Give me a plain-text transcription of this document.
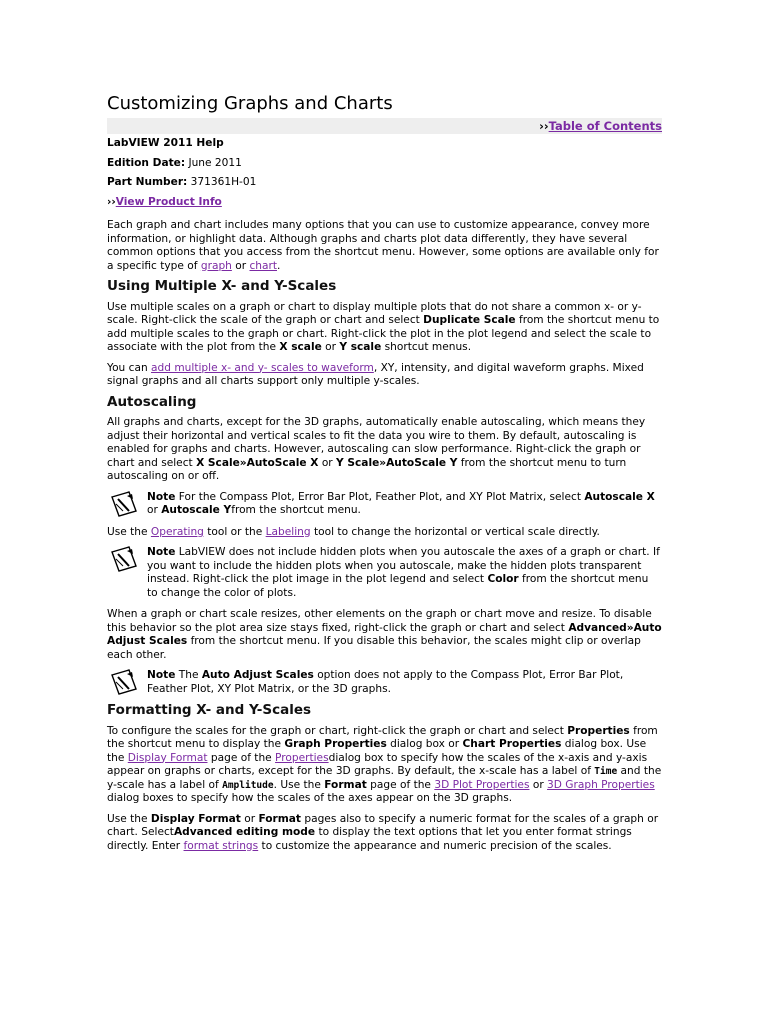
Customizing Graphs and Charts
››Table of Contents
LabVIEW 2011 Help
Edition Date: June 2011
Part Number: 371361H-01
››View Product Info

Each graph and chart includes many options that you can use to customize appearance, convey more information, or highlight data. Although graphs and charts plot data differently, they have several common options that you access from the shortcut menu. However, some options are available only for a specific type of graph or chart.

Using Multiple X- and Y-Scales

Use multiple scales on a graph or chart to display multiple plots that do not share a common x- or y-scale. Right-click the scale of the graph or chart and select Duplicate Scale from the shortcut menu to add multiple scales to the graph or chart. Right-click the plot in the plot legend and select the scale to associate with the plot from the X scale or Y scale shortcut menus.

You can add multiple x- and y- scales to waveform, XY, intensity, and digital waveform graphs. Mixed signal graphs and all charts support only multiple y-scales.

Autoscaling

All graphs and charts, except for the 3D graphs, automatically enable autoscaling, which means they adjust their horizontal and vertical scales to fit the data you wire to them. By default, autoscaling is enabled for graphs and charts. However, autoscaling can slow performance. Right-click the graph or chart and select X Scale»AutoScale X or Y Scale»AutoScale Y from the shortcut menu to turn autoscaling on or off.

Note For the Compass Plot, Error Bar Plot, Feather Plot, and XY Plot Matrix, select Autoscale X or Autoscale Yfrom the shortcut menu.

Use the Operating tool or the Labeling tool to change the horizontal or vertical scale directly.

Note LabVIEW does not include hidden plots when you autoscale the axes of a graph or chart. If you want to include the hidden plots when you autoscale, make the hidden plots transparent instead. Right-click the plot image in the plot legend and select Color from the shortcut menu to change the color of plots.

When a graph or chart scale resizes, other elements on the graph or chart move and resize. To disable this behavior so the plot area size stays fixed, right-click the graph or chart and select Advanced»Auto Adjust Scales from the shortcut menu. If you disable this behavior, the scales might clip or overlap each other.

Note The Auto Adjust Scales option does not apply to the Compass Plot, Error Bar Plot, Feather Plot, XY Plot Matrix, or the 3D graphs.
Formatting X- and Y-Scales

To configure the scales for the graph or chart, right-click the graph or chart and select Properties from the shortcut menu to display the Graph Properties dialog box or Chart Properties dialog box. Use the Display Format page of the Propertiesdialog box to specify how the scales of the x-axis and y-axis appear on graphs or charts, except for the 3D graphs. By default, the x-scale has a label of Time and the y-scale has a label of Amplitude. Use the Format page of the 3D Plot Properties or 3D Graph Properties dialog boxes to specify how the scales of the axes appear on the 3D graphs.

Use the Display Format or Format pages also to specify a numeric format for the scales of a graph or chart. SelectAdvanced editing mode to display the text options that let you enter format strings directly. Enter format strings to customize the appearance and numeric precision of the scales.
